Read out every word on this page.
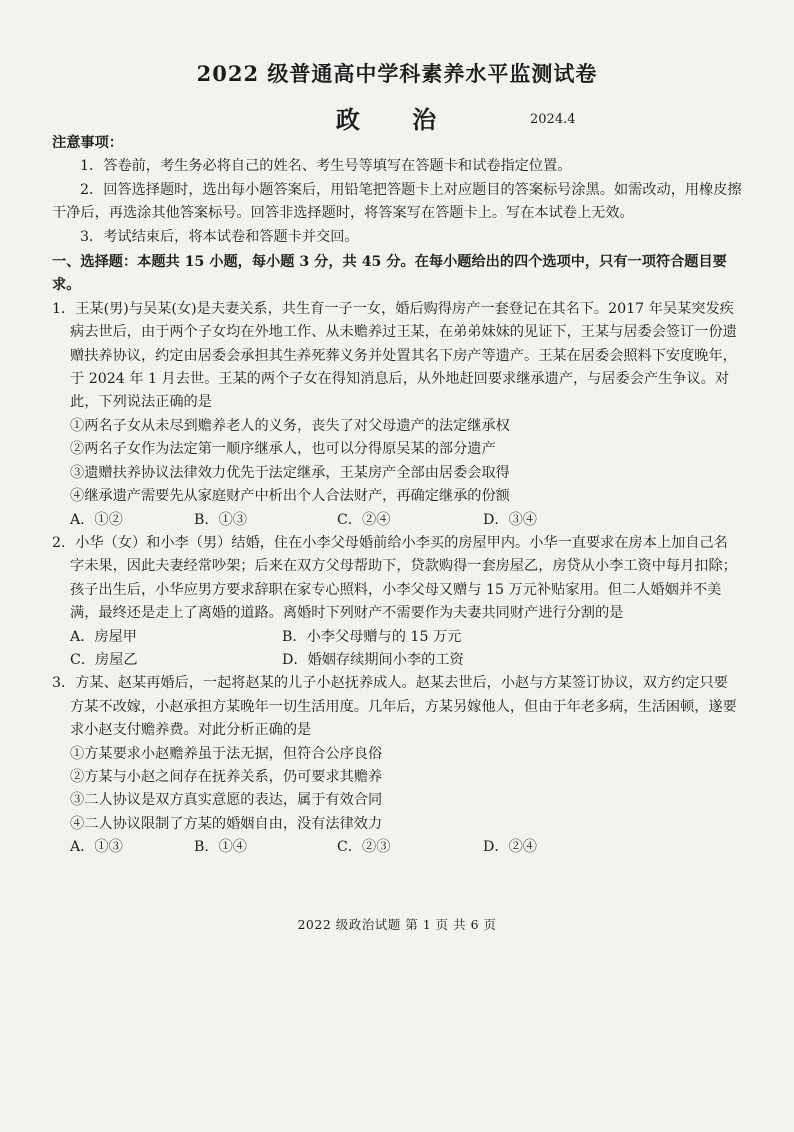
2022 级普通高中学科素养水平监测试卷
政 治	2024.4

注意事项：

1．答卷前，考生务必将自己的姓名、考生号等填写在答题卡和试卷指定位置。

2．回答选择题时，选出每小题答案后，用铅笔把答题卡上对应题目的答案标号涂黑。如需改动，用橡皮擦干净后，再选涂其他答案标号。回答非选择题时，将答案写在答题卡上。写在本试卷上无效。

3．考试结束后，将本试卷和答题卡并交回。

一、选择题：本题共 15 小题，每小题 3 分，共 45 分。在每小题给出的四个选项中，只有一项符合题目要求。

1．王某(男)与吴某(女)是夫妻关系，共生育一子一女，婚后购得房产一套登记在其名下。2017 年吴某突发疾病去世后，由于两个子女均在外地工作、从未赡养过王某，在弟弟妹妹的见证下，王某与居委会签订一份遗赠扶养协议，约定由居委会承担其生养死葬义务并处置其名下房产等遗产。王某在居委会照料下安度晚年，于 2024 年 1 月去世。王某的两个子女在得知消息后，从外地赶回要求继承遗产，与居委会产生争议。对此，下列说法正确的是

①两名子女从未尽到赡养老人的义务，丧失了对父母遗产的法定继承权

②两名子女作为法定第一顺序继承人，也可以分得原吴某的部分遗产

③遗赠扶养协议法律效力优先于法定继承，王某房产全部由居委会取得

④继承遗产需要先从家庭财产中析出个人合法财产，再确定继承的份额

A．①②	B．①③	C．②④	D．③④

2．小华（女）和小李（男）结婚，住在小李父母婚前给小李买的房屋甲内。小华一直要求在房本上加自己名字未果，因此夫妻经常吵架；后来在双方父母帮助下，贷款购得一套房屋乙，房贷从小李工资中每月扣除；孩子出生后，小华应男方要求辞职在家专心照料，小李父母又赠与 15 万元补贴家用。但二人婚姻并不美满，最终还是走上了离婚的道路。离婚时下列财产不需要作为夫妻共同财产进行分割的是

A．房屋甲	B．小李父母赠与的 15 万元
C．房屋乙	D．婚姻存续期间小李的工资

3．方某、赵某再婚后，一起将赵某的儿子小赵抚养成人。赵某去世后，小赵与方某签订协议，双方约定只要方某不改嫁，小赵承担方某晚年一切生活用度。几年后，方某另嫁他人，但由于年老多病，生活困顿，遂要求小赵支付赡养费。对此分析正确的是

①方某要求小赵赡养虽于法无据，但符合公序良俗

②方某与小赵之间存在抚养关系，仍可要求其赡养

③二人协议是双方真实意愿的表达，属于有效合同

④二人协议限制了方某的婚姻自由，没有法律效力

A．①③	B．①④	C．②③	D．②④
2022 级政治试题 第 1 页 共 6 页
